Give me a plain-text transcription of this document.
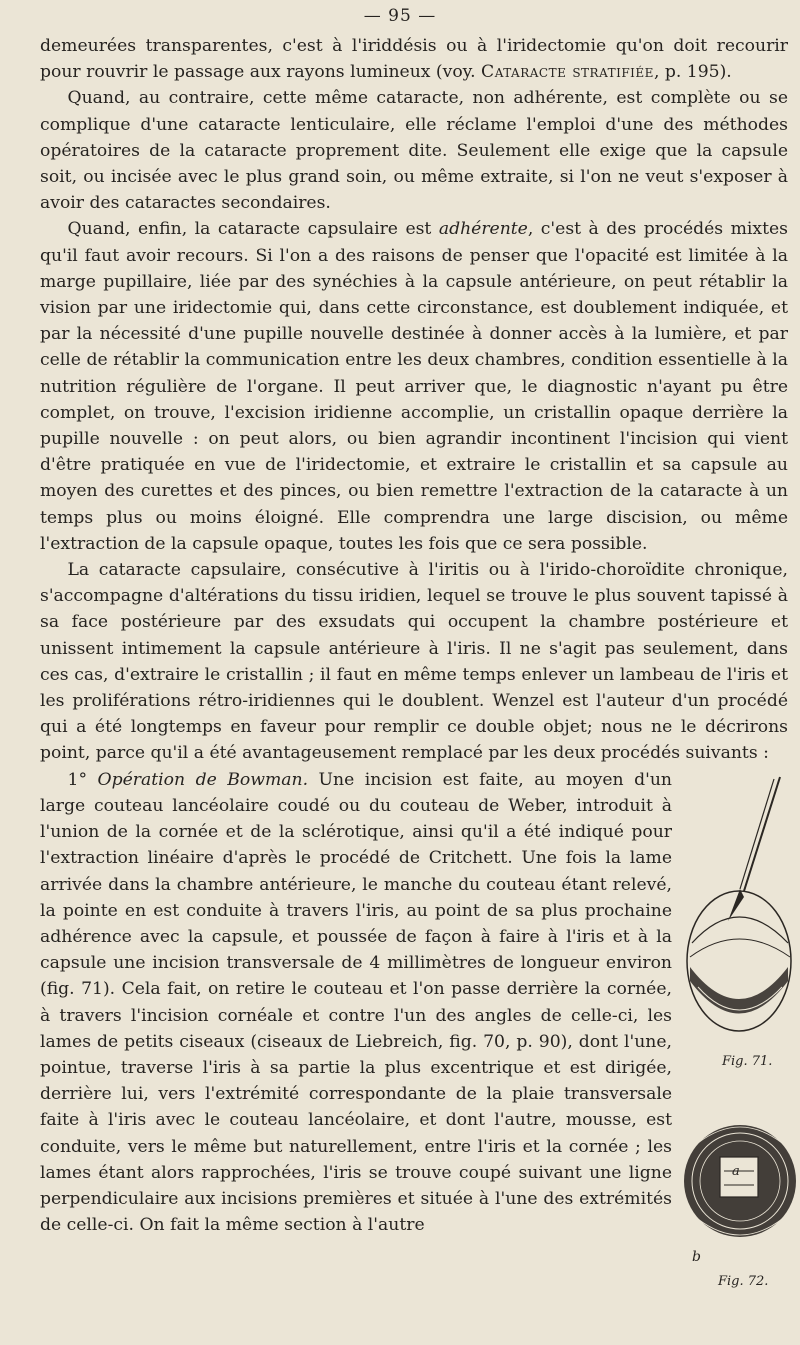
— 95 —

demeurées transparentes, c'est à l'iriddésis ou à l'iridectomie qu'on doit recourir pour rouvrir le passage aux rayons lumineux (voy. Cataracte stratifiée, p. 195).

Quand, au contraire, cette même cataracte, non adhérente, est complète ou se complique d'une cataracte lenticulaire, elle réclame l'emploi d'une des méthodes opératoires de la cataracte proprement dite. Seulement elle exige que la capsule soit, ou incisée avec le plus grand soin, ou même extraite, si l'on ne veut s'exposer à avoir des cataractes secondaires.

Quand, enfin, la cataracte capsulaire est adhérente, c'est à des procédés mixtes qu'il faut avoir recours. Si l'on a des raisons de penser que l'opacité est limitée à la marge pupillaire, liée par des synéchies à la capsule antérieure, on peut rétablir la vision par une iridectomie qui, dans cette circonstance, est doublement indiquée, et par la nécessité d'une pupille nouvelle destinée à donner accès à la lumière, et par celle de rétablir la communication entre les deux chambres, condition essentielle à la nutrition régulière de l'organe. Il peut arriver que, le diagnostic n'ayant pu être complet, on trouve, l'excision iridienne accomplie, un cristallin opaque derrière la pupille nouvelle : on peut alors, ou bien agrandir incontinent l'incision qui vient d'être pratiquée en vue de l'iridectomie, et extraire le cristallin et sa capsule au moyen des curettes et des pinces, ou bien remettre l'extraction de la cataracte à un temps plus ou moins éloigné. Elle comprendra une large discision, ou même l'extraction de la capsule opaque, toutes les fois que ce sera possible.

La cataracte capsulaire, consécutive à l'iritis ou à l'irido-choroïdite chronique, s'accompagne d'altérations du tissu iridien, lequel se trouve le plus souvent tapissé à sa face postérieure par des exsudats qui occupent la chambre postérieure et unissent intimement la capsule antérieure à l'iris. Il ne s'agit pas seulement, dans ces cas, d'extraire le cristallin ; il faut en même temps enlever un lambeau de l'iris et les proliférations rétro-iridiennes qui le doublent. Wenzel est l'auteur d'un procédé qui a été longtemps en faveur pour remplir ce double objet; nous ne le décrirons point, parce qu'il a été avantageusement remplacé par les deux procédés suivants :

Fig. 71.
a
b
Fig. 72.
1° Opération de Bowman. Une incision est faite, au moyen d'un large couteau lancéolaire coudé ou du couteau de Weber, introduit à l'union de la cornée et de la sclérotique, ainsi qu'il a été indiqué pour l'extraction linéaire d'après le procédé de Critchett. Une fois la lame arrivée dans la chambre antérieure, le manche du couteau étant relevé, la pointe en est conduite à travers l'iris, au point de sa plus prochaine adhérence avec la capsule, et poussée de façon à faire à l'iris et à la capsule une incision transversale de 4 millimètres de longueur environ (fig. 71). Cela fait, on retire le couteau et l'on passe derrière la cornée, à travers l'incision cornéale et contre l'un des angles de celle-ci, les lames de petits ciseaux (ciseaux de Liebreich, fig. 70, p. 90), dont l'une, pointue, traverse l'iris à sa partie la plus excentrique et est dirigée, derrière lui, vers l'extrémité correspondante de la plaie transversale faite à l'iris avec le couteau lancéolaire, et dont l'autre, mousse, est conduite, vers le même but naturellement, entre l'iris et la cornée ; les lames étant alors rapprochées, l'iris se trouve coupé suivant une ligne perpendiculaire aux incisions premières et située à l'une des extrémités de celle-ci. On fait la même section à l'autre
